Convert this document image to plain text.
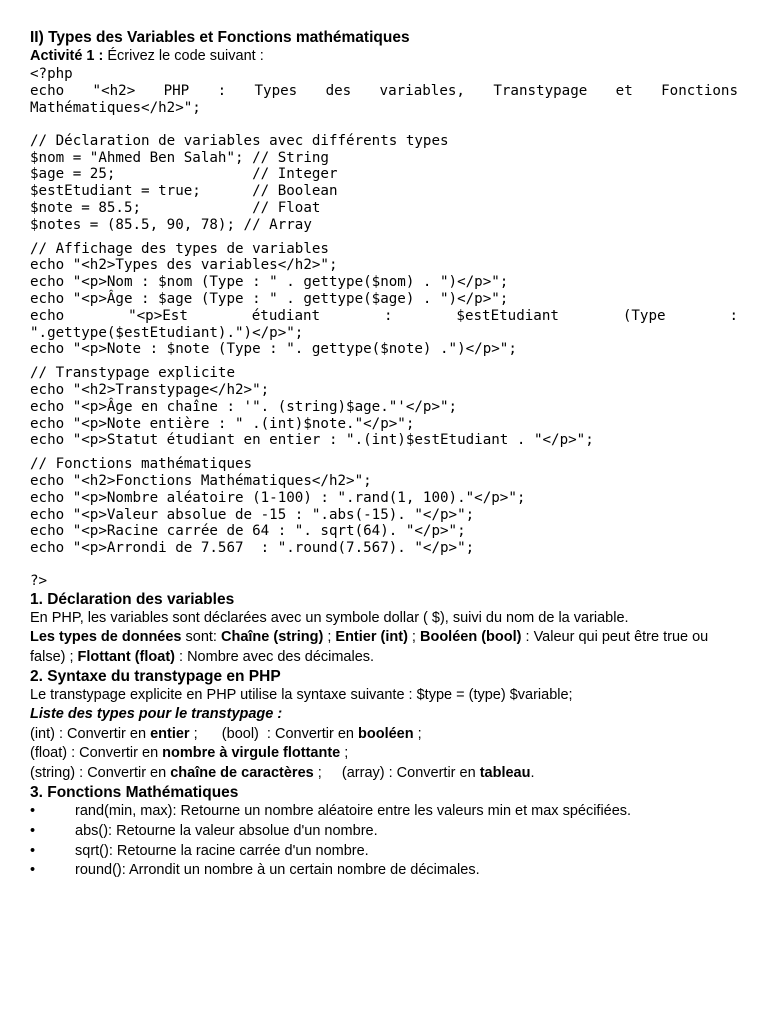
II) Types des Variables et Fonctions mathématiques
Activité 1 : Écrivez le code suivant :
<?php
echo "<h2> PHP : Types des variables, Transtypage et Fonctions
Mathématiques</h2>";
// Déclaration de variables avec différents types
$nom = "Ahmed Ben Salah"; // String
$age = 25;                // Integer
$estEtudiant = true;      // Boolean
$note = 85.5;             // Float
$notes = (85.5, 90, 78); // Array
// Affichage des types de variables
echo "<h2>Types des variables</h2>";
echo "<p>Nom : $nom (Type : " . gettype($nom) . ")</p>";
echo "<p>Âge : $age (Type : " . gettype($age) . ")</p>";
echo "<p>Est étudiant : $estEtudiant (Type :
".gettype($estEtudiant).")</p>";
echo "<p>Note : $note (Type : ". gettype($note) .")</p>";
// Transtypage explicite
echo "<h2>Transtypage</h2>";
echo "<p>Âge en chaîne : '". (string)$age."'</p>";
echo "<p>Note entière : " .(int)$note."</p>";
echo "<p>Statut étudiant en entier : ".(int)$estEtudiant . "</p>";
// Fonctions mathématiques
echo "<h2>Fonctions Mathématiques</h2>";
echo "<p>Nombre aléatoire (1-100) : ".rand(1, 100)."</p>";
echo "<p>Valeur absolue de -15 : ".abs(-15). "</p>";
echo "<p>Racine carrée de 64 : ". sqrt(64). "</p>";
echo "<p>Arrondi de 7.567  : ".round(7.567). "</p>";
?>
1. Déclaration des variables
En PHP, les variables sont déclarées avec un symbole dollar ( $), suivi du nom de la variable.
Les types de données sont: Chaîne (string) ; Entier (int) ; Booléen (bool) : Valeur qui peut être true ou
false) ; Flottant (float) : Nombre avec des décimales.
2. Syntaxe du transtypage en PHP
Le transtypage explicite en PHP utilise la syntaxe suivante : $type = (type) $variable;
Liste des types pour le transtypage :
(int) : Convertir en entier ;      (bool)  : Convertir en booléen ;
(float) : Convertir en nombre à virgule flottante ;
(string) : Convertir en chaîne de caractères ;     (array) : Convertir en tableau.
3. Fonctions Mathématiques
•	rand(min, max): Retourne un nombre aléatoire entre les valeurs min et max spécifiées.
•	abs(): Retourne la valeur absolue d'un nombre.
•	sqrt(): Retourne la racine carrée d'un nombre.
•	round(): Arrondit un nombre à un certain nombre de décimales.
